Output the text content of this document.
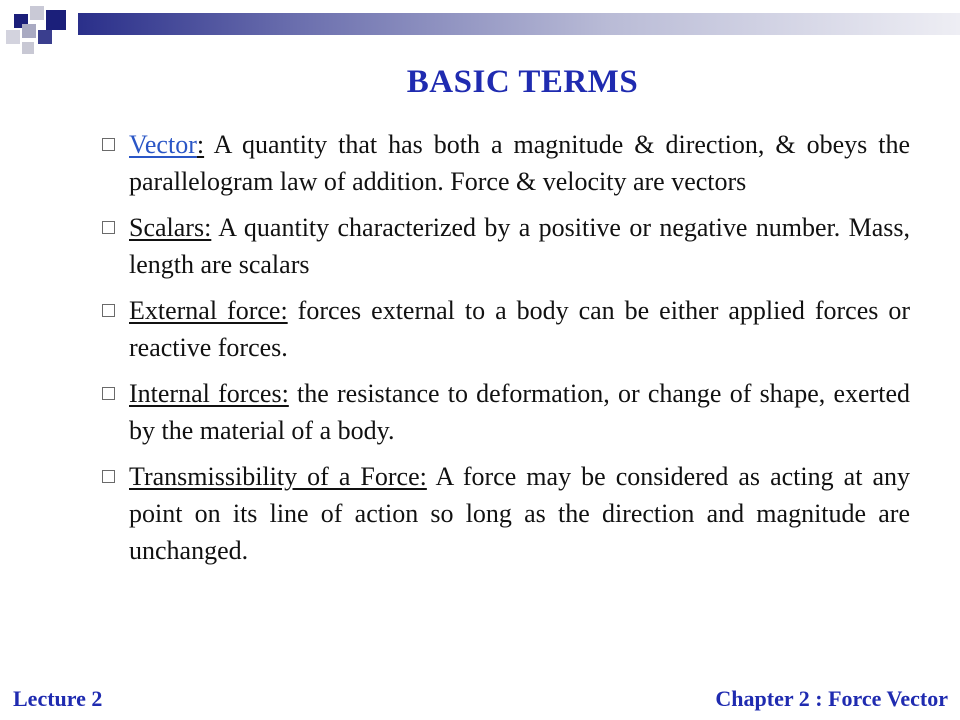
BASIC TERMS
Vector: A quantity that has both a magnitude & direction, & obeys the parallelogram law of addition. Force & velocity are vectors
Scalars: A quantity characterized by a positive or negative number. Mass, length are scalars
External force: forces external to a body can be either applied forces or reactive forces.
Internal forces: the resistance to deformation, or change of shape, exerted by the material of a body.
Transmissibility of a Force: A force may be considered as acting at any point on its line of action so long as the direction and magnitude are unchanged.
Lecture 2	Chapter 2 : Force Vector
